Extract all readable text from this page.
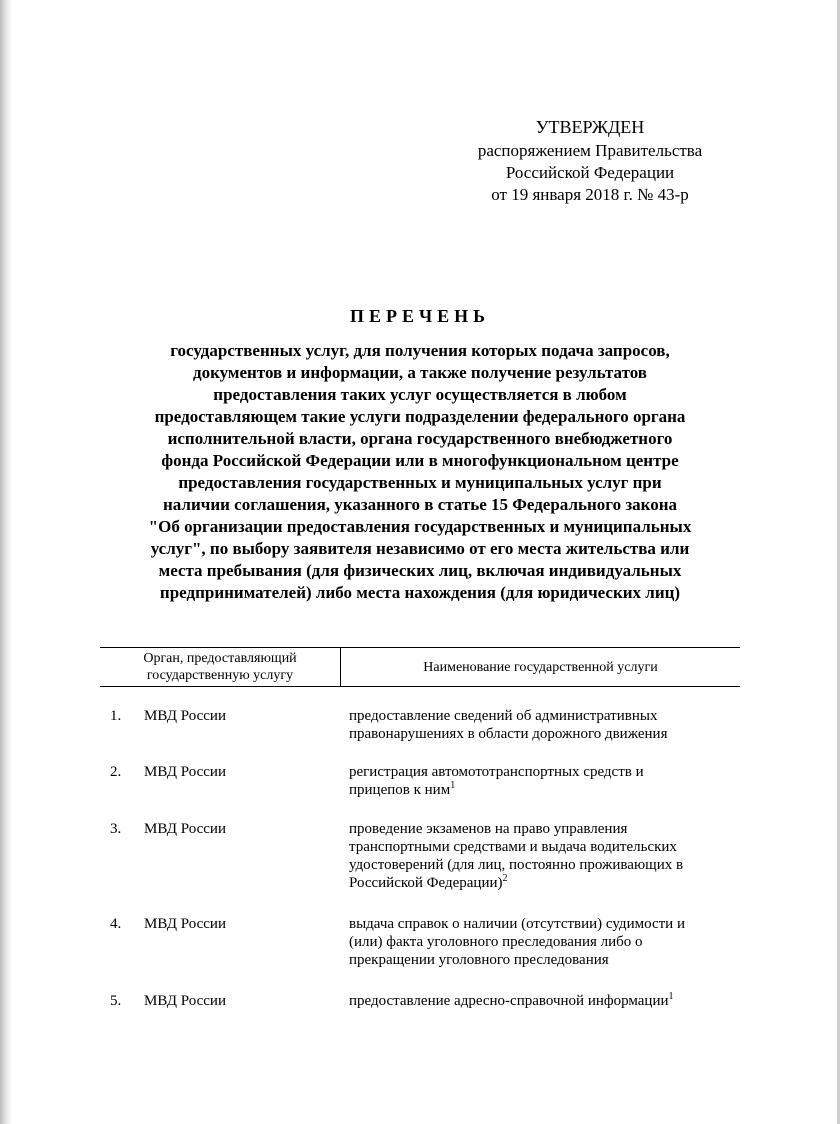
УТВЕРЖДЕН
распоряжением Правительства
Российской Федерации
от 19 января 2018 г. № 43-р
ПЕРЕЧЕНЬ
государственных услуг, для получения которых подача запросов,
документов и информации, а также получение результатов
предоставления таких услуг осуществляется в любом
предоставляющем такие услуги подразделении федерального органа
исполнительной власти, органа государственного внебюджетного
фонда Российской Федерации или в многофункциональном центре
предоставления государственных и муниципальных услуг при
наличии соглашения, указанного в статье 15 Федерального закона
"Об организации предоставления государственных и муниципальных
услуг", по выбору заявителя независимо от его места жительства или
места пребывания (для физических лиц, включая индивидуальных
предпринимателей) либо места нахождения (для юридических лиц)
Орган, предоставляющий государственную услугу
Наименование государственной услуги
1.	МВД России	предоставление сведений об административных
правонарушениях в области дорожного движения
2.	МВД России	регистрация автомототранспортных средств и
прицепов к ним$^1$
3.	МВД России	проведение экзаменов на право управления
транспортными средствами и выдача водительских
удостоверений (для лиц, постоянно проживающих в
Российской Федерации)$^2$
4.	МВД России	выдача справок о наличии (отсутствии) судимости и
(или) факта уголовного преследования либо о
прекращении уголовного преследования
5.	МВД России	предоставление адресно-справочной информации$^1$
